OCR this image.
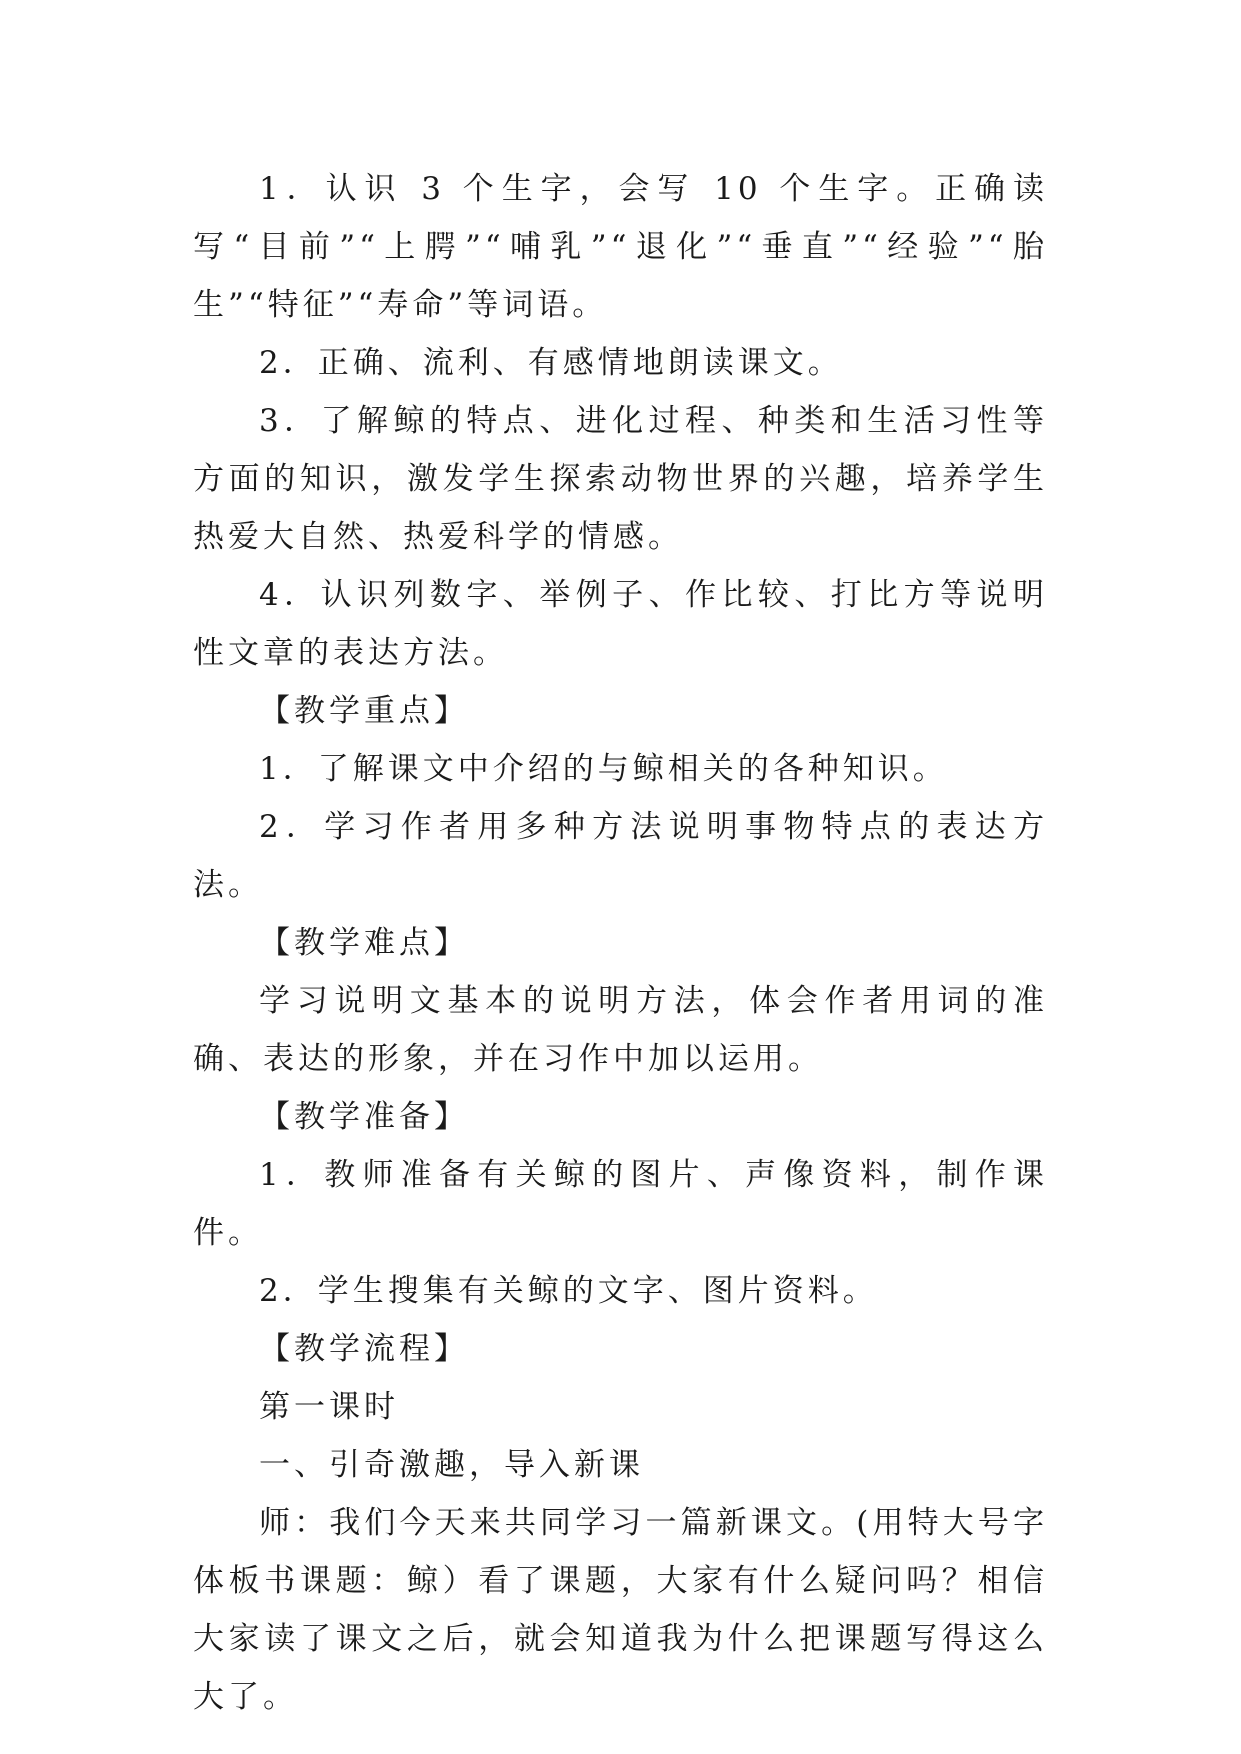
1．认识 3 个生字，会写 10 个生字。正确读写“目前”“上腭”“哺乳”“退化”“垂直”“经验”“胎生”“特征”“寿命”等词语。

2．正确、流利、有感情地朗读课文。

3．了解鲸的特点、进化过程、种类和生活习性等方面的知识，激发学生探索动物世界的兴趣，培养学生热爱大自然、热爱科学的情感。

4．认识列数字、举例子、作比较、打比方等说明性文章的表达方法。

【教学重点】

1．了解课文中介绍的与鲸相关的各种知识。

2．学习作者用多种方法说明事物特点的表达方法。

【教学难点】

学习说明文基本的说明方法，体会作者用词的准确、表达的形象，并在习作中加以运用。

【教学准备】

1．教师准备有关鲸的图片、声像资料，制作课件。

2．学生搜集有关鲸的文字、图片资料。

【教学流程】

第一课时

一、引奇激趣，导入新课

师：我们今天来共同学习一篇新课文。(用特大号字体板书课题：鲸）看了课题，大家有什么疑问吗？相信大家读了课文之后，就会知道我为什么把课题写得这么大了。
